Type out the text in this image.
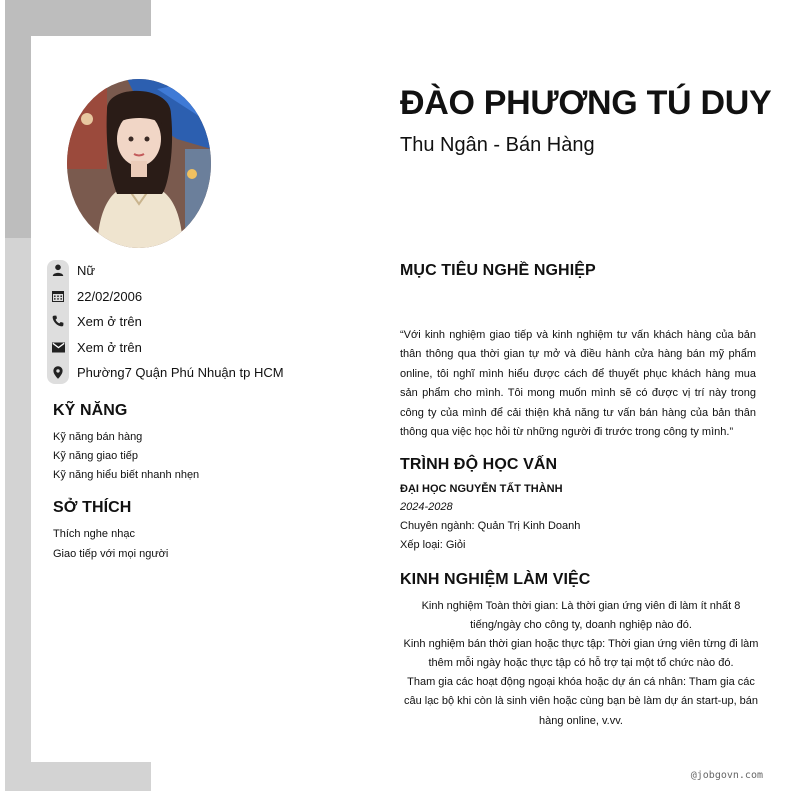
Nữ
22/02/2006
Xem ở trên
Xem ở trên
Phường7 Quận Phú Nhuận tp HCM
KỸ NĂNG
Kỹ năng bán hàng
Kỹ năng giao tiếp
Kỹ năng hiểu biết nhanh nhẹn
SỞ THÍCH
Thích nghe nhạc
Giao tiếp với mọi người
ĐÀO PHƯƠNG TÚ DUY
Thu Ngân - Bán Hàng
MỤC TIÊU NGHỀ NGHIỆP
“Với kinh nghiệm giao tiếp và kinh nghiệm tư vấn khách hàng của bản thân thông qua thời gian tự mở và điều hành cửa hàng bán mỹ phẩm online, tôi nghĩ mình hiểu được cách để thuyết phục khách hàng mua sản phẩm cho mình. Tôi mong muốn mình sẽ có được vị trí này trong công ty của mình để cải thiện khả năng tư vấn bán hàng của bản thân thông qua việc học hỏi từ những người đi trước trong công ty mình.”
TRÌNH ĐỘ HỌC VẤN
ĐẠI HỌC NGUYỄN TẤT THÀNH
2024-2028
Chuyên ngành: Quản Trị Kinh Doanh
Xếp loại: Giỏi
KINH NGHIỆM LÀM VIỆC

Kinh nghiệm Toàn thời gian: Là thời gian ứng viên đi làm ít nhất 8 tiếng/ngày cho công ty, doanh nghiệp nào đó.

Kinh nghiệm bán thời gian hoặc thực tập: Thời gian ứng viên từng đi làm thêm mỗi ngày hoặc thực tập có hỗ trợ tại một tổ chức nào đó.

Tham gia các hoạt động ngoại khóa hoặc dự án cá nhân: Tham gia các câu lạc bộ khi còn là sinh viên hoặc cùng bạn bè làm dự án start-up, bán hàng online, v.vv.

@jobgovn.com
